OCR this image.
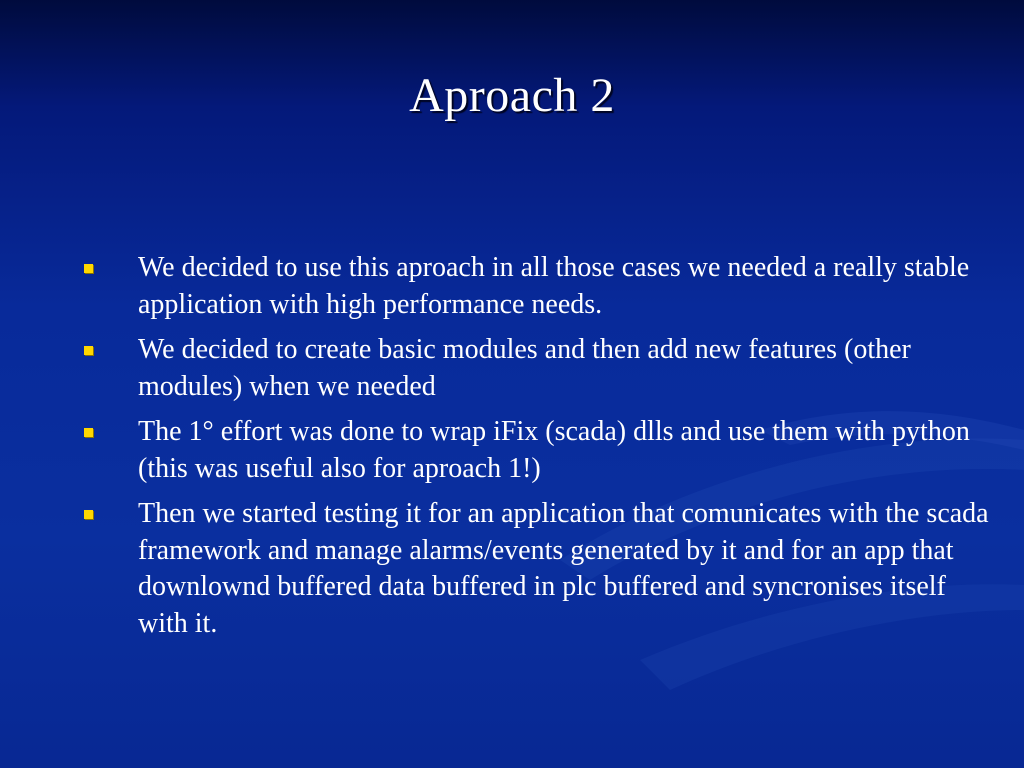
Aproach 2
We decided to use this aproach in all those cases we needed a really stable application with high performance needs.
We decided to create basic modules and then add new features (other modules) when we needed
The 1° effort was done to wrap iFix (scada) dlls and use them with python (this was useful also for aproach 1!)
Then we started testing it for an application that comunicates with the scada framework and manage alarms/events generated by it and for an app that downlownd buffered data buffered in plc buffered and syncronises itself with it.
